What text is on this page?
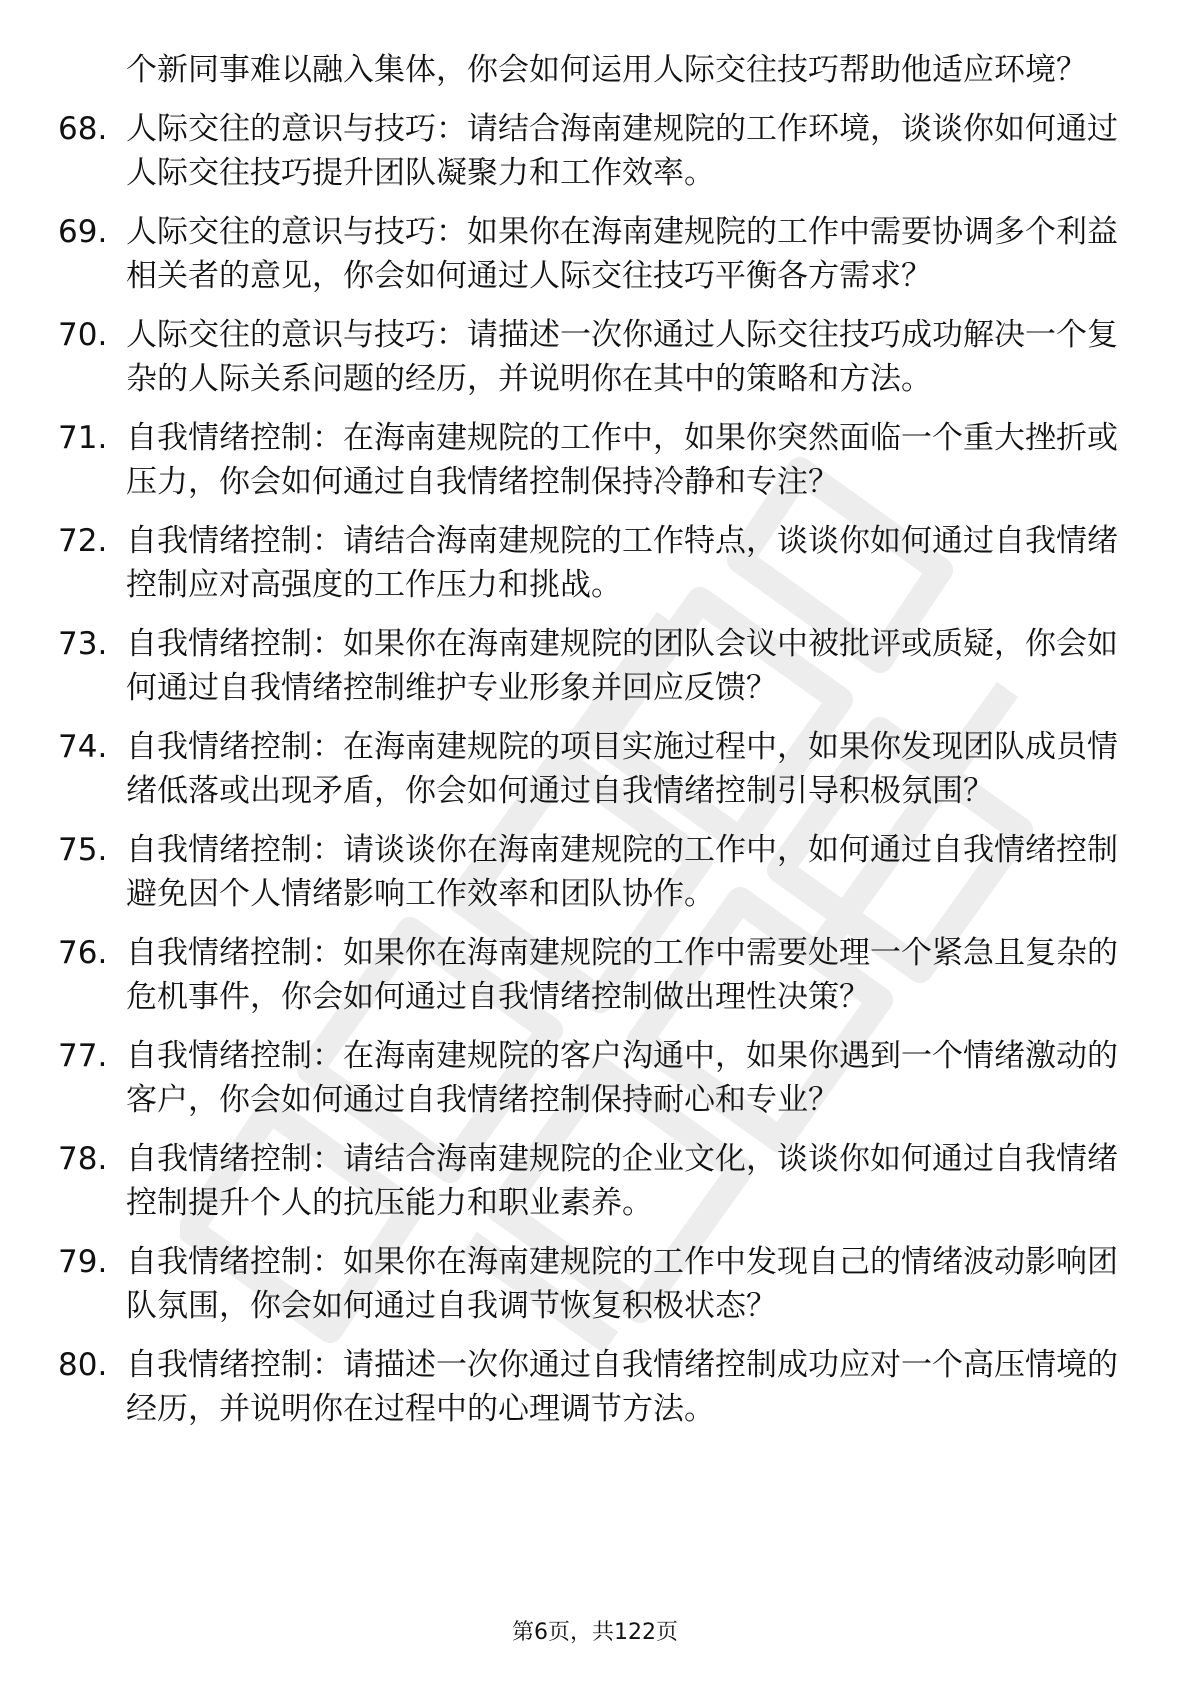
个新同事难以融入集体，你会如何运用人际交往技巧帮助他适应环境？
68. 人际交往的意识与技巧：请结合海南建规院的工作环境，谈谈你如何通过人际交往技巧提升团队凝聚力和工作效率。
69. 人际交往的意识与技巧：如果你在海南建规院的工作中需要协调多个利益相关者的意见，你会如何通过人际交往技巧平衡各方需求？
70. 人际交往的意识与技巧：请描述一次你通过人际交往技巧成功解决一个复杂的人际关系问题的经历，并说明你在其中的策略和方法。
71. 自我情绪控制：在海南建规院的工作中，如果你突然面临一个重大挫折或压力，你会如何通过自我情绪控制保持冷静和专注？
72. 自我情绪控制：请结合海南建规院的工作特点，谈谈你如何通过自我情绪控制应对高强度的工作压力和挑战。
73. 自我情绪控制：如果你在海南建规院的团队会议中被批评或质疑，你会如何通过自我情绪控制维护专业形象并回应反馈？
74. 自我情绪控制：在海南建规院的项目实施过程中，如果你发现团队成员情绪低落或出现矛盾，你会如何通过自我情绪控制引导积极氛围？
75. 自我情绪控制：请谈谈你在海南建规院的工作中，如何通过自我情绪控制避免因个人情绪影响工作效率和团队协作。
76. 自我情绪控制：如果你在海南建规院的工作中需要处理一个紧急且复杂的危机事件，你会如何通过自我情绪控制做出理性决策？
77. 自我情绪控制：在海南建规院的客户沟通中，如果你遇到一个情绪激动的客户，你会如何通过自我情绪控制保持耐心和专业？
78. 自我情绪控制：请结合海南建规院的企业文化，谈谈你如何通过自我情绪控制提升个人的抗压能力和职业素养。
79. 自我情绪控制：如果你在海南建规院的工作中发现自己的情绪波动影响团队氛围，你会如何通过自我调节恢复积极状态？
80. 自我情绪控制：请描述一次你通过自我情绪控制成功应对一个高压情境的经历，并说明你在过程中的心理调节方法。
第6页，共122页
